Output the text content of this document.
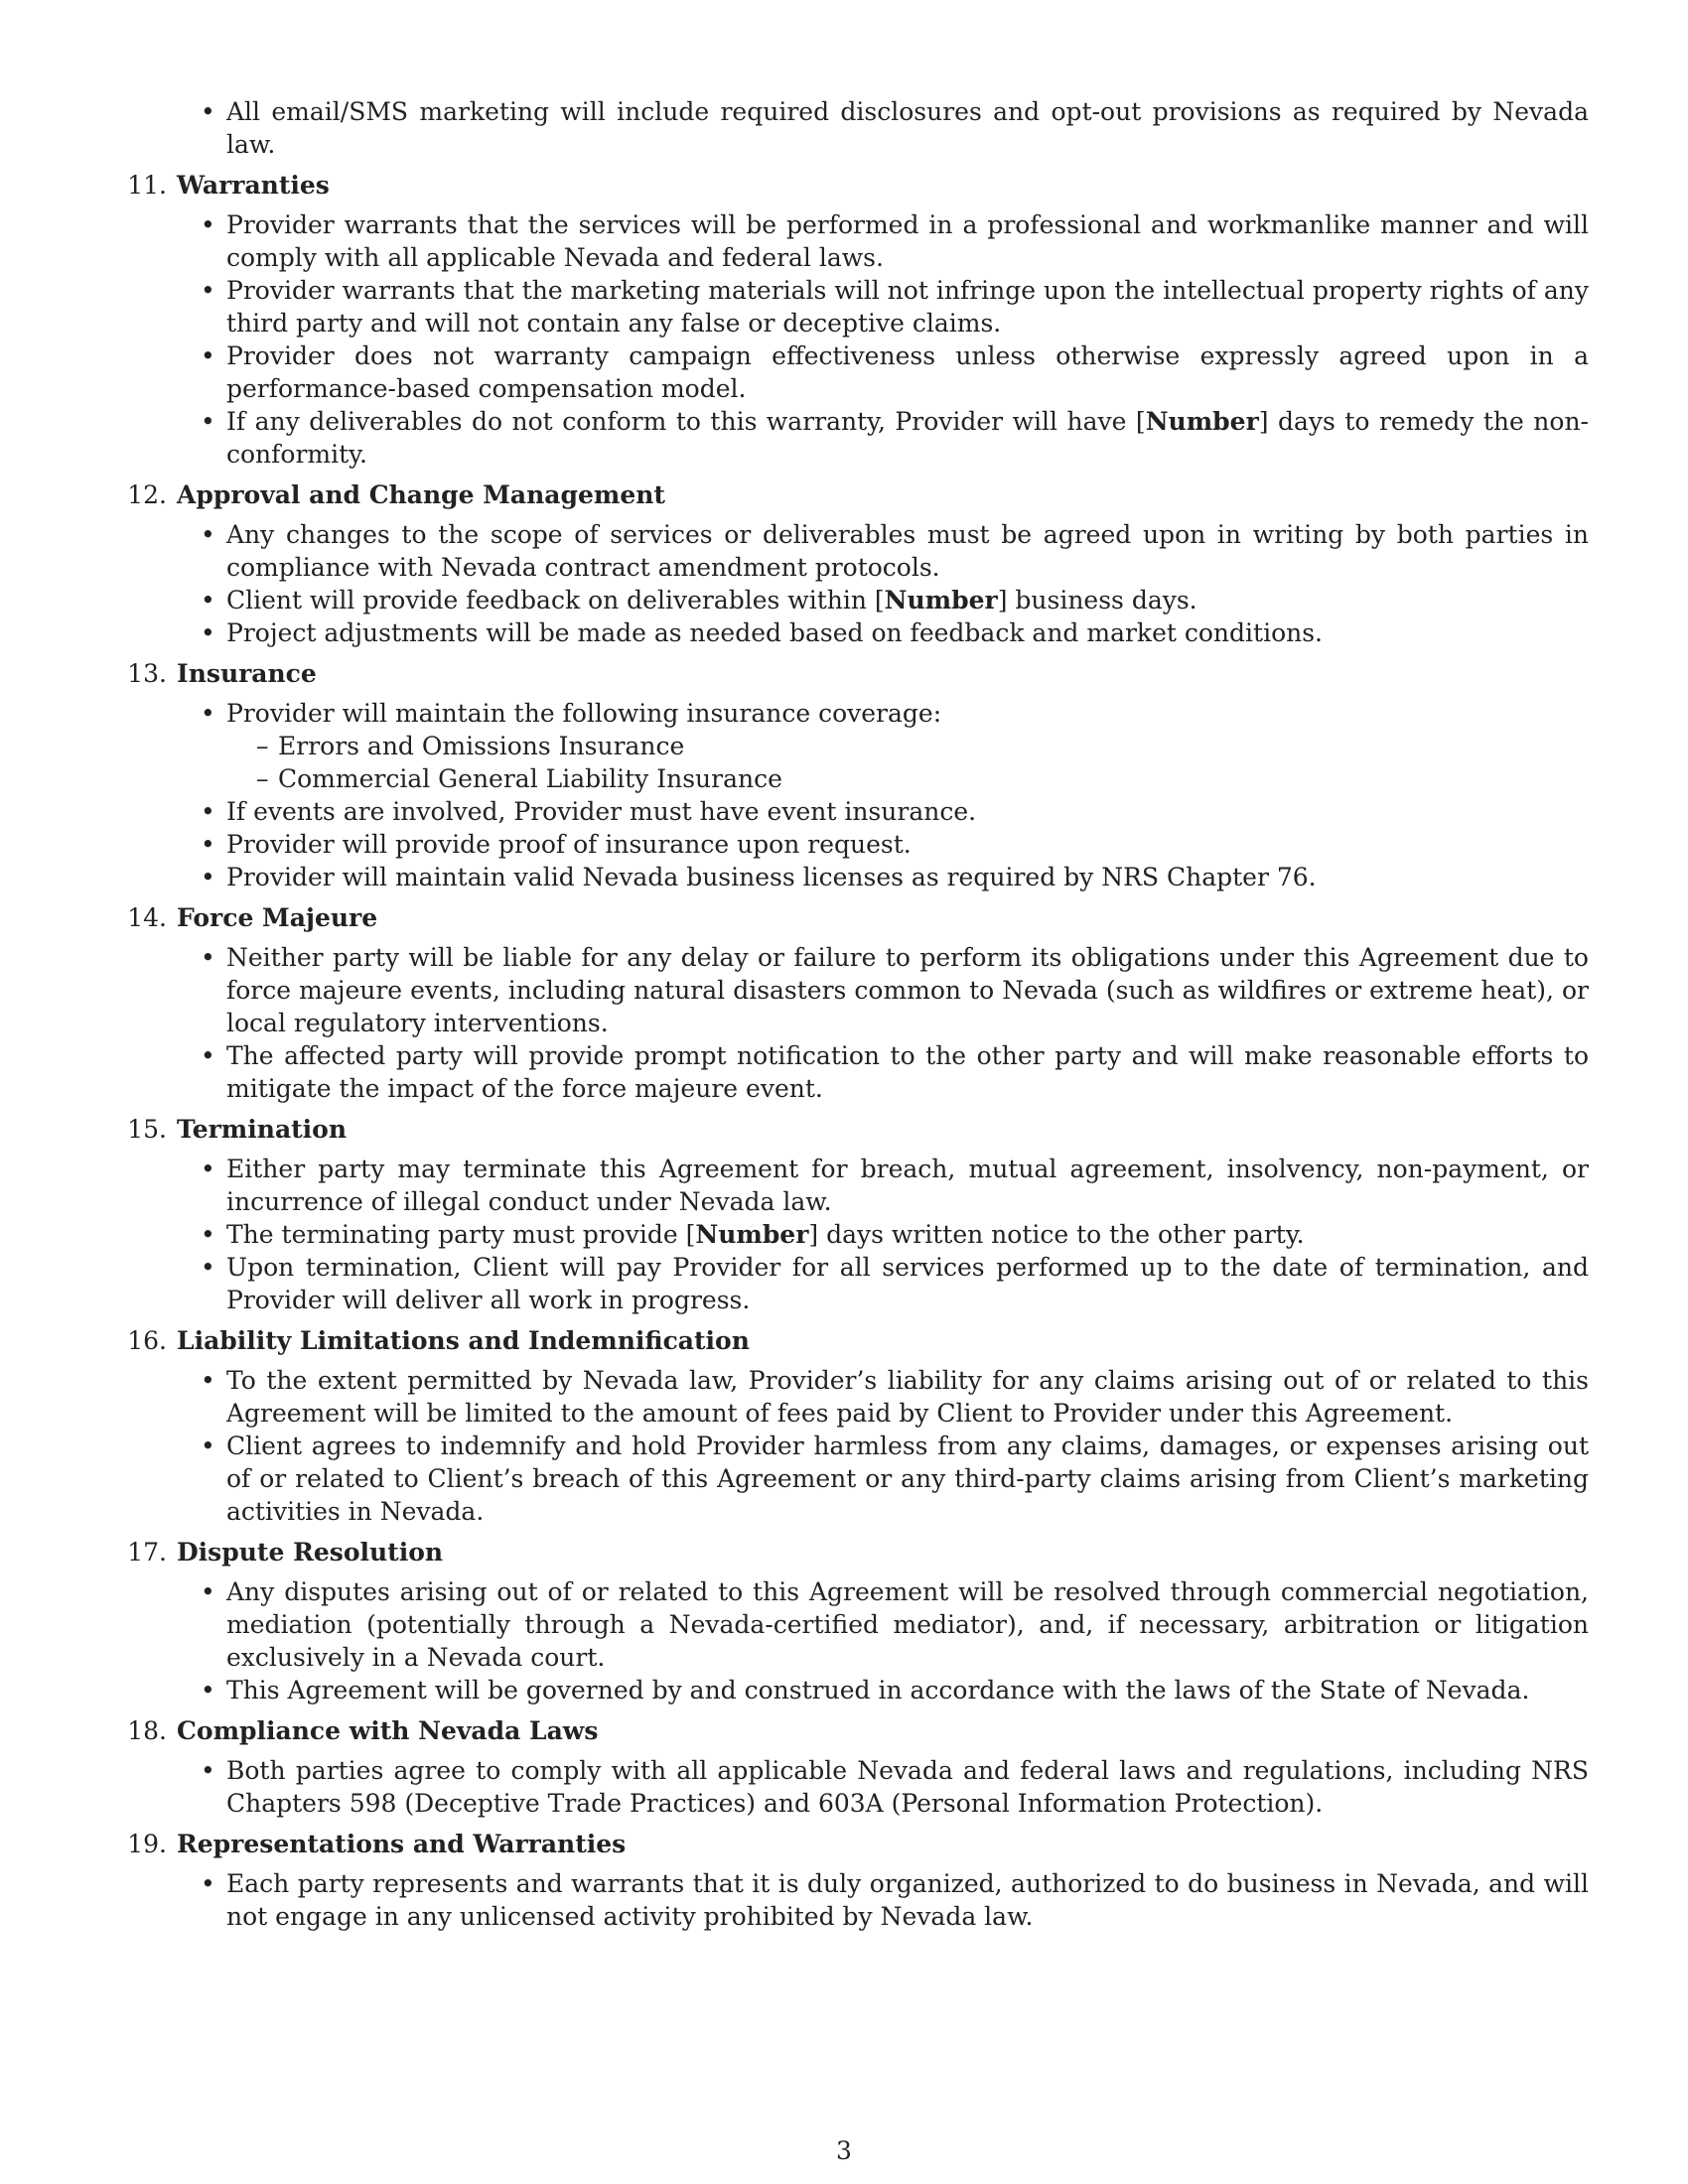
• All email/SMS marketing will include required disclosures and opt-out provisions as required by Nevada law.
11. Warranties
• Provider warrants that the services will be performed in a professional and workmanlike manner and will comply with all applicable Nevada and federal laws.
• Provider warrants that the marketing materials will not infringe upon the intellectual property rights of any third party and will not contain any false or deceptive claims.
• Provider does not warranty campaign effectiveness unless otherwise expressly agreed upon in a performance-based compensation model.
• If any deliverables do not conform to this warranty, Provider will have [Number] days to remedy the non-conformity.
12. Approval and Change Management
• Any changes to the scope of services or deliverables must be agreed upon in writing by both parties in compliance with Nevada contract amendment protocols.
• Client will provide feedback on deliverables within [Number] business days.
• Project adjustments will be made as needed based on feedback and market conditions.
13. Insurance
• Provider will maintain the following insurance coverage:
– Errors and Omissions Insurance
– Commercial General Liability Insurance
• If events are involved, Provider must have event insurance.
• Provider will provide proof of insurance upon request.
• Provider will maintain valid Nevada business licenses as required by NRS Chapter 76.
14. Force Majeure
• Neither party will be liable for any delay or failure to perform its obligations under this Agreement due to force majeure events, including natural disasters common to Nevada (such as wildfires or extreme heat), or local regulatory interventions.
• The affected party will provide prompt notification to the other party and will make reasonable efforts to mitigate the impact of the force majeure event.
15. Termination
• Either party may terminate this Agreement for breach, mutual agreement, insolvency, non-payment, or incurrence of illegal conduct under Nevada law.
• The terminating party must provide [Number] days written notice to the other party.
• Upon termination, Client will pay Provider for all services performed up to the date of termination, and Provider will deliver all work in progress.
16. Liability Limitations and Indemnification
• To the extent permitted by Nevada law, Provider’s liability for any claims arising out of or related to this Agreement will be limited to the amount of fees paid by Client to Provider under this Agreement.
• Client agrees to indemnify and hold Provider harmless from any claims, damages, or expenses arising out of or related to Client’s breach of this Agreement or any third-party claims arising from Client’s marketing activities in Nevada.
17. Dispute Resolution
• Any disputes arising out of or related to this Agreement will be resolved through commercial negotiation, mediation (potentially through a Nevada-certified mediator), and, if necessary, arbitration or litigation exclusively in a Nevada court.
• This Agreement will be governed by and construed in accordance with the laws of the State of Nevada.
18. Compliance with Nevada Laws
• Both parties agree to comply with all applicable Nevada and federal laws and regulations, including NRS Chapters 598 (Deceptive Trade Practices) and 603A (Personal Information Protection).
19. Representations and Warranties
• Each party represents and warrants that it is duly organized, authorized to do business in Nevada, and will not engage in any unlicensed activity prohibited by Nevada law.
3
